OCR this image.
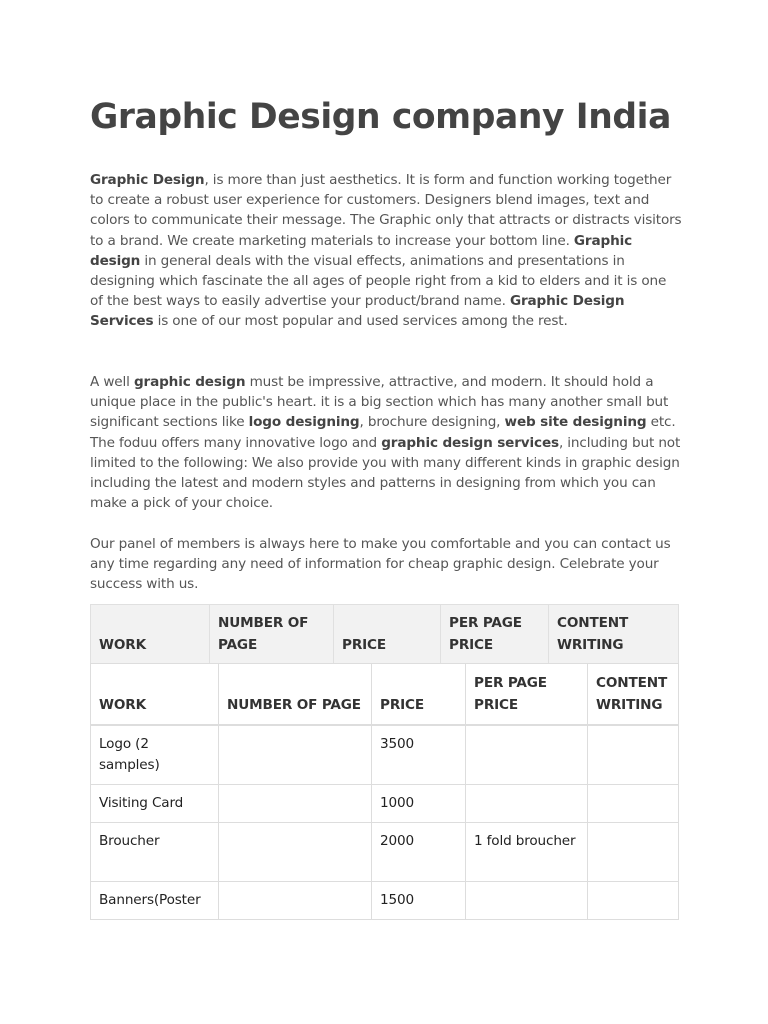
Graphic Design company India

Graphic Design, is more than just aesthetics. It is form and function working together to create a robust user experience for customers. Designers blend images, text and colors to communicate their message. The Graphic only that attracts or distracts visitors to a brand. We create marketing materials to increase your bottom line. Graphic design in general deals with the visual effects, animations and presentations in designing which fascinate the all ages of people right from a kid to elders and it is one of the best ways to easily advertise your product/brand name. Graphic Design Services is one of our most popular and used services among the rest.

A well graphic design must be impressive, attractive, and modern. It should hold a unique place in the public's heart. it is a big section which has many another small but significant sections like logo designing, brochure designing, web site designing etc. The foduu offers many innovative logo and graphic design services, including but not limited to the following: We also provide you with many different kinds in graphic design including the latest and modern styles and patterns in designing from which you can make a pick of your choice.

Our panel of members is always here to make you comfortable and you can contact us any time regarding any need of information for cheap graphic design. Celebrate your success with us.

WORK	NUMBER OF PAGE	PRICE	PER PAGE PRICE	CONTENT WRITING
WORK	NUMBER OF PAGE	PRICE	PER PAGE PRICE	CONTENT WRITING
Logo (2 samples)		3500		
Visiting Card		1000		
Broucher		2000	1 fold broucher	
Banners(Poster		1500		
